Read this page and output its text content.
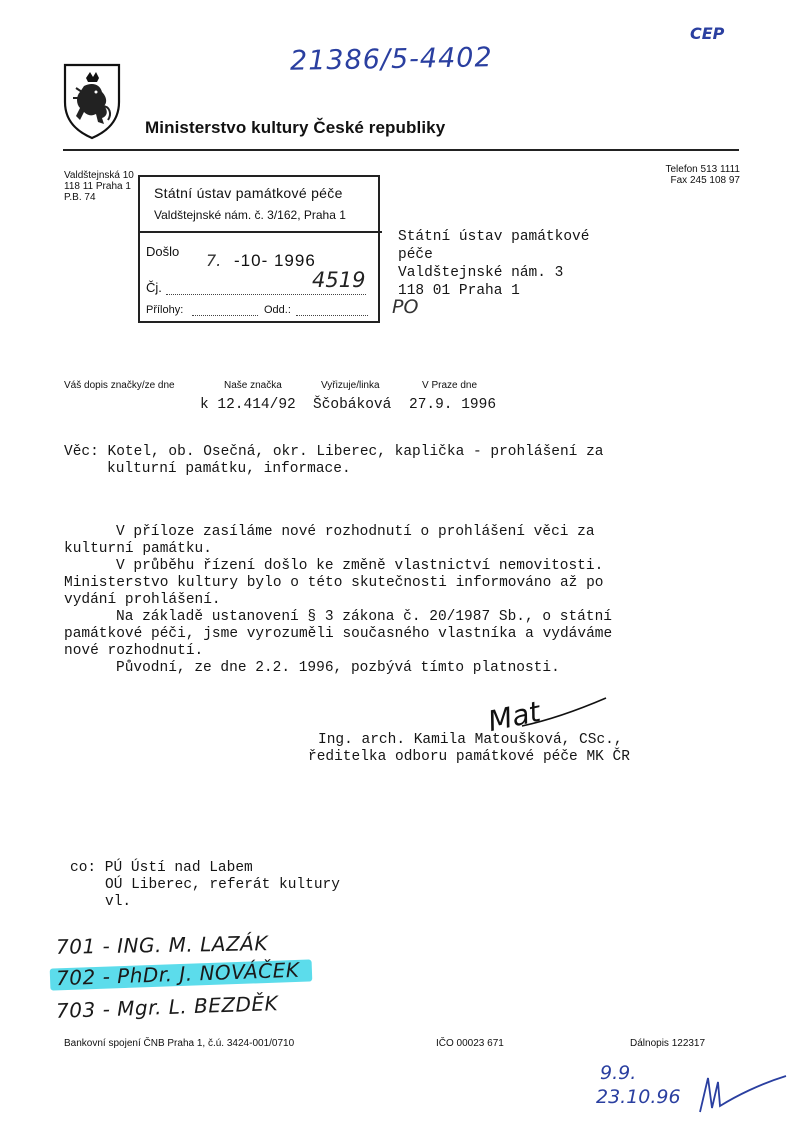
21386/5-4402
CEP
Ministerstvo kultury České republiky
Valdštejnská 10
118 11 Praha 1
P.B. 74
Telefon 513 1111
Fax 245 108 97
Státní ústav památkové péče
Valdštejnské nám. č. 3/162, Praha 1
Došlo 7. -10- 1996
Čj.	4519
Přílohy:	Odd.:
Státní ústav památkové
péče
Valdštejnské nám. 3
118 01 Praha 1
PO
Váš dopis značky/ze dne	Naše značka	Vyřizuje/linka	V Praze dne
k 12.414/92 Ščobáková 27.9. 1996
Věc: Kotel, ob. Osečná, okr. Liberec, kaplička - prohlášení za
kulturní památku, informace.

V příloze zasíláme nové rozhodnutí o prohlášení věci za

kulturní památku.

V průběhu řízení došlo ke změně vlastnictví nemovitosti.

Ministerstvo kultury bylo o této skutečnosti informováno až po

vydání prohlášení.

Na základě ustanovení § 3 zákona č. 20/1987 Sb., o státní

památkové péči, jsme vyrozuměli současného vlastníka a vydáváme

nové rozhodnutí.

Původní, ze dne 2.2. 1996, pozbývá tímto platnosti.

Mat
Ing. arch. Kamila Matoušková, CSc.,
ředitelka odboru památkové péče MK ČR
co: PÚ Ústí nad Labem
OÚ Liberec, referát kultury
vl.
701 - ING. M. LAZÁK
702 - PhDr. J. NOVÁČEK
703 - Mgr. L. BEZDĚK
Bankovní spojení ČNB Praha 1, č.ú. 3424-001/0710	IČO 00023 671	Dálnopis 122317
9.9.
23.10.96
